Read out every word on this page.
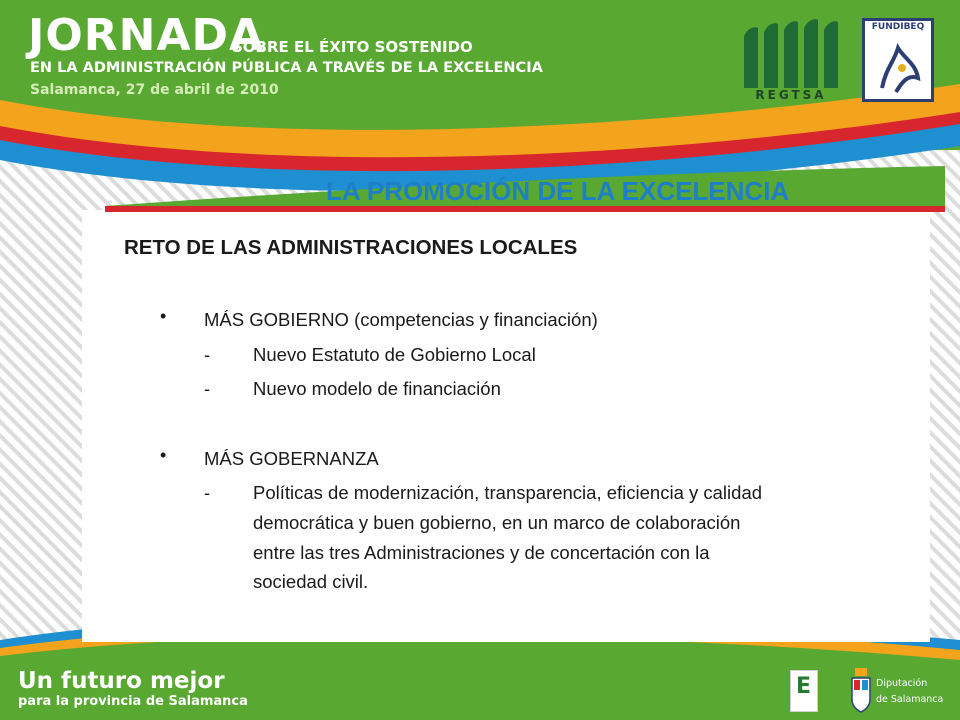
JORNADA
SOBRE EL ÉXITO SOSTENIDO
EN LA ADMINISTRACIÓN PÚBLICA A TRAVÉS DE LA EXCELENCIA
Salamanca, 27 de abril de 2010	REGTSA
FUNDIBEQ
LA PROMOCIÓN DE LA EXCELENCIA
RETO DE LAS ADMINISTRACIONES LOCALES
• MÁS GOBIERNO (competencias y financiación)
- Nuevo Estatuto de Gobierno Local
- Nuevo modelo de financiación
• MÁS GOBERNANZA
- Políticas de modernización, transparencia, eficiencia y calidad
democrática y buen gobierno, en un marco de colaboración
entre las tres Administraciones y de concertación con la
sociedad civil.
Un futuro mejor
para la provincia de Salamanca
E	Diputación
de Salamanca
